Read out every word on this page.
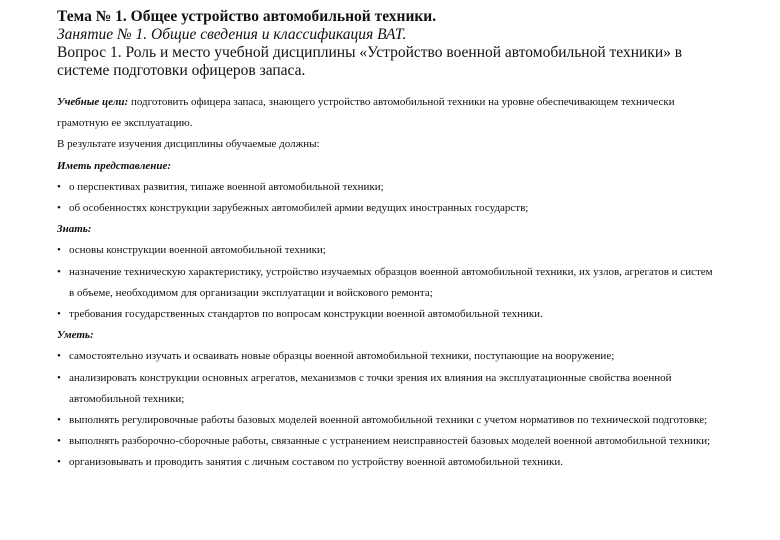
Тема № 1. Общее устройство автомобильной техники.
Занятие № 1. Общие сведения и классификация ВАТ.
Вопрос 1. Роль и место учебной дисциплины «Устройство военной автомобильной техники» в системе подготовки офицеров запаса.

Учебные цели: подготовить офицера запаса, знающего устройство автомобильной техники на уровне обеспечивающем технически грамотную ее эксплуатацию.

В результате изучения дисциплины обучаемые должны:

Иметь представление:

• о перспективах развития, типаже военной автомобильной техники;
• об особенностях конструкции зарубежных автомобилей армии ведущих иностранных государств;

Знать:

• основы конструкции военной автомобильной техники;
• назначение техническую характеристику, устройство изучаемых образцов военной автомобильной техники, их узлов, агрегатов и систем в объеме, необходимом для организации эксплуатации и войскового ремонта;
• требования государственных стандартов по вопросам конструкции военной автомобильной техники.

Уметь:

• самостоятельно изучать и осваивать новые образцы военной автомобильной техники, поступающие на вооружение;
• анализировать конструкции основных агрегатов, механизмов с точки зрения их влияния на эксплуатационные свойства военной автомобильной техники;
• выполнять регулировочные работы базовых моделей военной автомобильной техники с учетом нормативов по технической подготовке;
• выполнять разборочно-сборочные работы, связанные с устранением неисправностей базовых моделей военной автомобильной техники;
• организовывать и проводить занятия с личным составом по устройству военной автомобильной техники.
